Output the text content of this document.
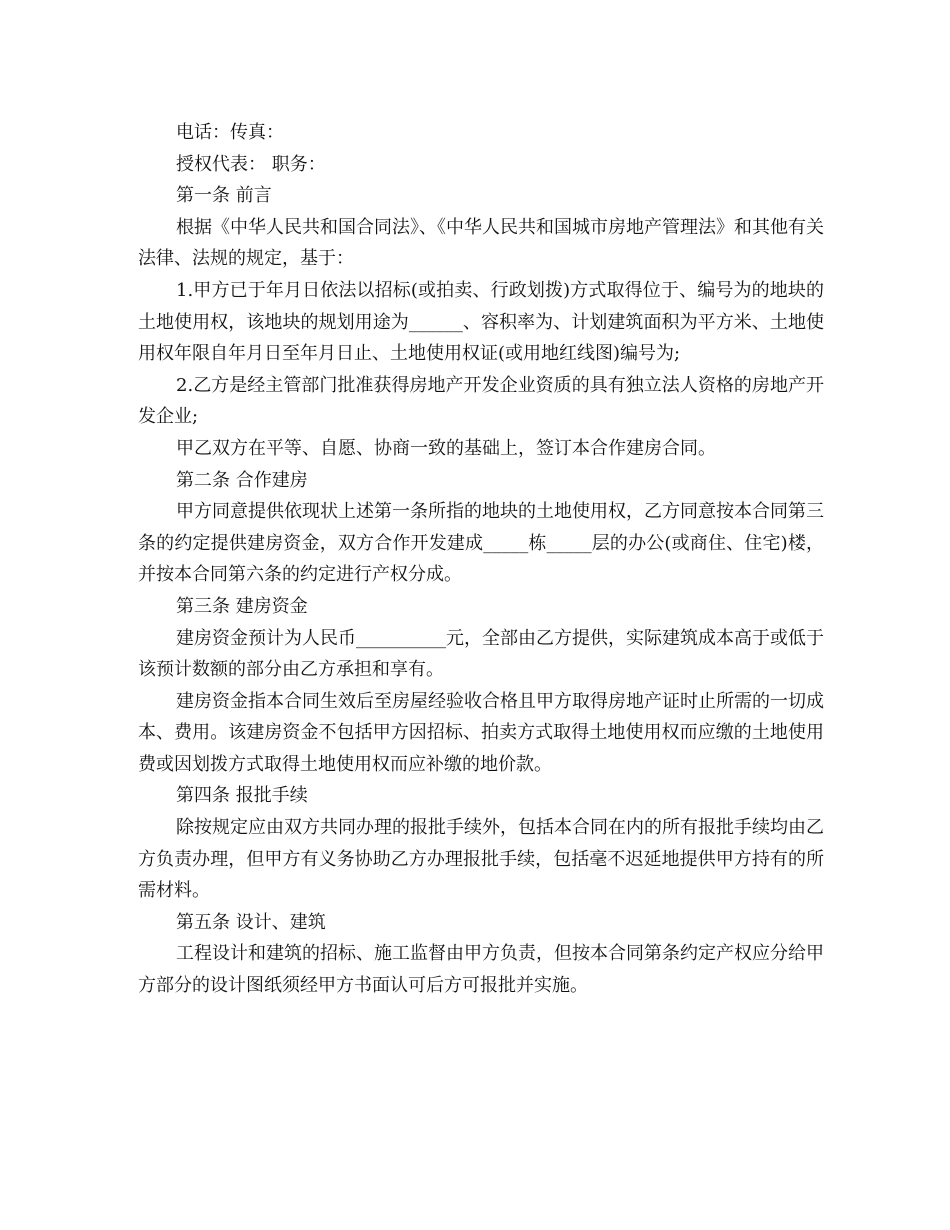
电话：传真：

授权代表： 职务：

第一条 前言

根据《中华人民共和国合同法》、《中华人民共和国城市房地产管理法》和其他有关法律、法规的规定，基于：

1.甲方已于年月日依法以招标(或拍卖、行政划拨)方式取得位于、编号为的地块的土地使用权，该地块的规划用途为______、容积率为、计划建筑面积为平方米、土地使用权年限自年月日至年月日止、土地使用权证(或用地红线图)编号为;

2.乙方是经主管部门批准获得房地产开发企业资质的具有独立法人资格的房地产开发企业;

甲乙双方在平等、自愿、协商一致的基础上，签订本合作建房合同。

第二条 合作建房

甲方同意提供依现状上述第一条所指的地块的土地使用权，乙方同意按本合同第三条的约定提供建房资金，双方合作开发建成_____栋_____层的办公(或商住、住宅)楼，并按本合同第六条的约定进行产权分成。

第三条 建房资金

建房资金预计为人民币__________元，全部由乙方提供，实际建筑成本高于或低于该预计数额的部分由乙方承担和享有。

建房资金指本合同生效后至房屋经验收合格且甲方取得房地产证时止所需的一切成本、费用。该建房资金不包括甲方因招标、拍卖方式取得土地使用权而应缴的土地使用费或因划拨方式取得土地使用权而应补缴的地价款。

第四条 报批手续

除按规定应由双方共同办理的报批手续外，包括本合同在内的所有报批手续均由乙方负责办理，但甲方有义务协助乙方办理报批手续，包括毫不迟延地提供甲方持有的所需材料。

第五条 设计、建筑

工程设计和建筑的招标、施工监督由甲方负责，但按本合同第条约定产权应分给甲方部分的设计图纸须经甲方书面认可后方可报批并实施。
